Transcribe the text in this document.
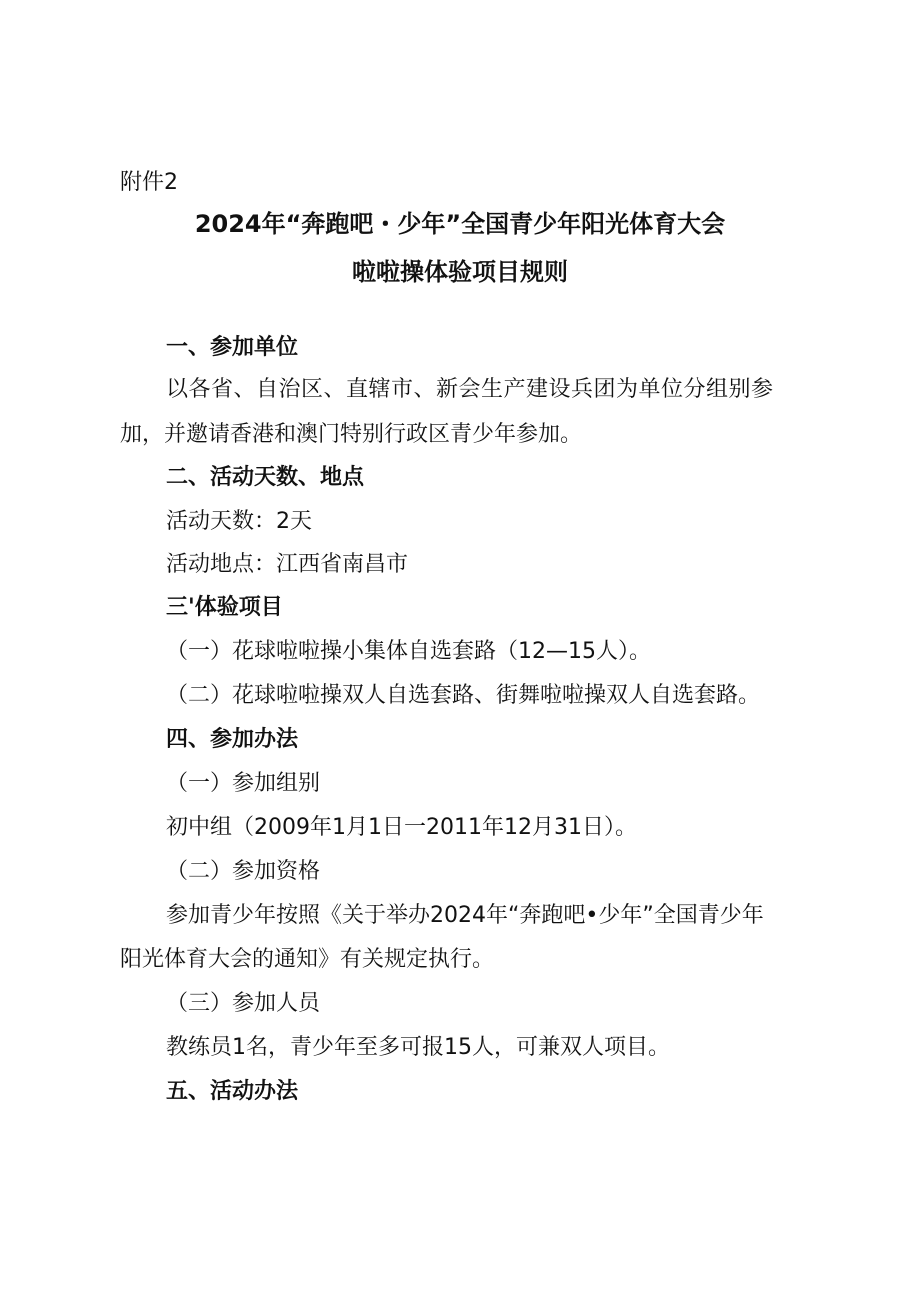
附件2
2024年“奔跑吧・少年”全国青少年阳光体育大会
啦啦操体验项目规则
一、参加单位
以各省、自治区、直辖市、新会生产建设兵团为单位分组别参
加，并邀请香港和澳门特别行政区青少年参加。
二、活动天数、地点
活动天数：2天
活动地点：江西省南昌市
三'体验项目
（一）花球啦啦操小集体自选套路（12—15人）。
（二）花球啦啦操双人自选套路、街舞啦啦操双人自选套路。
四、参加办法
（一）参加组别
初中组（2009年1月1日一2011年12月31日）。
（二）参加资格
参加青少年按照《关于举办2024年“奔跑吧•少年”全国青少年
阳光体育大会的通知》有关规定执行。
（三）参加人员
教练员1名，青少年至多可报15人，可兼双人项目。
五、活动办法
